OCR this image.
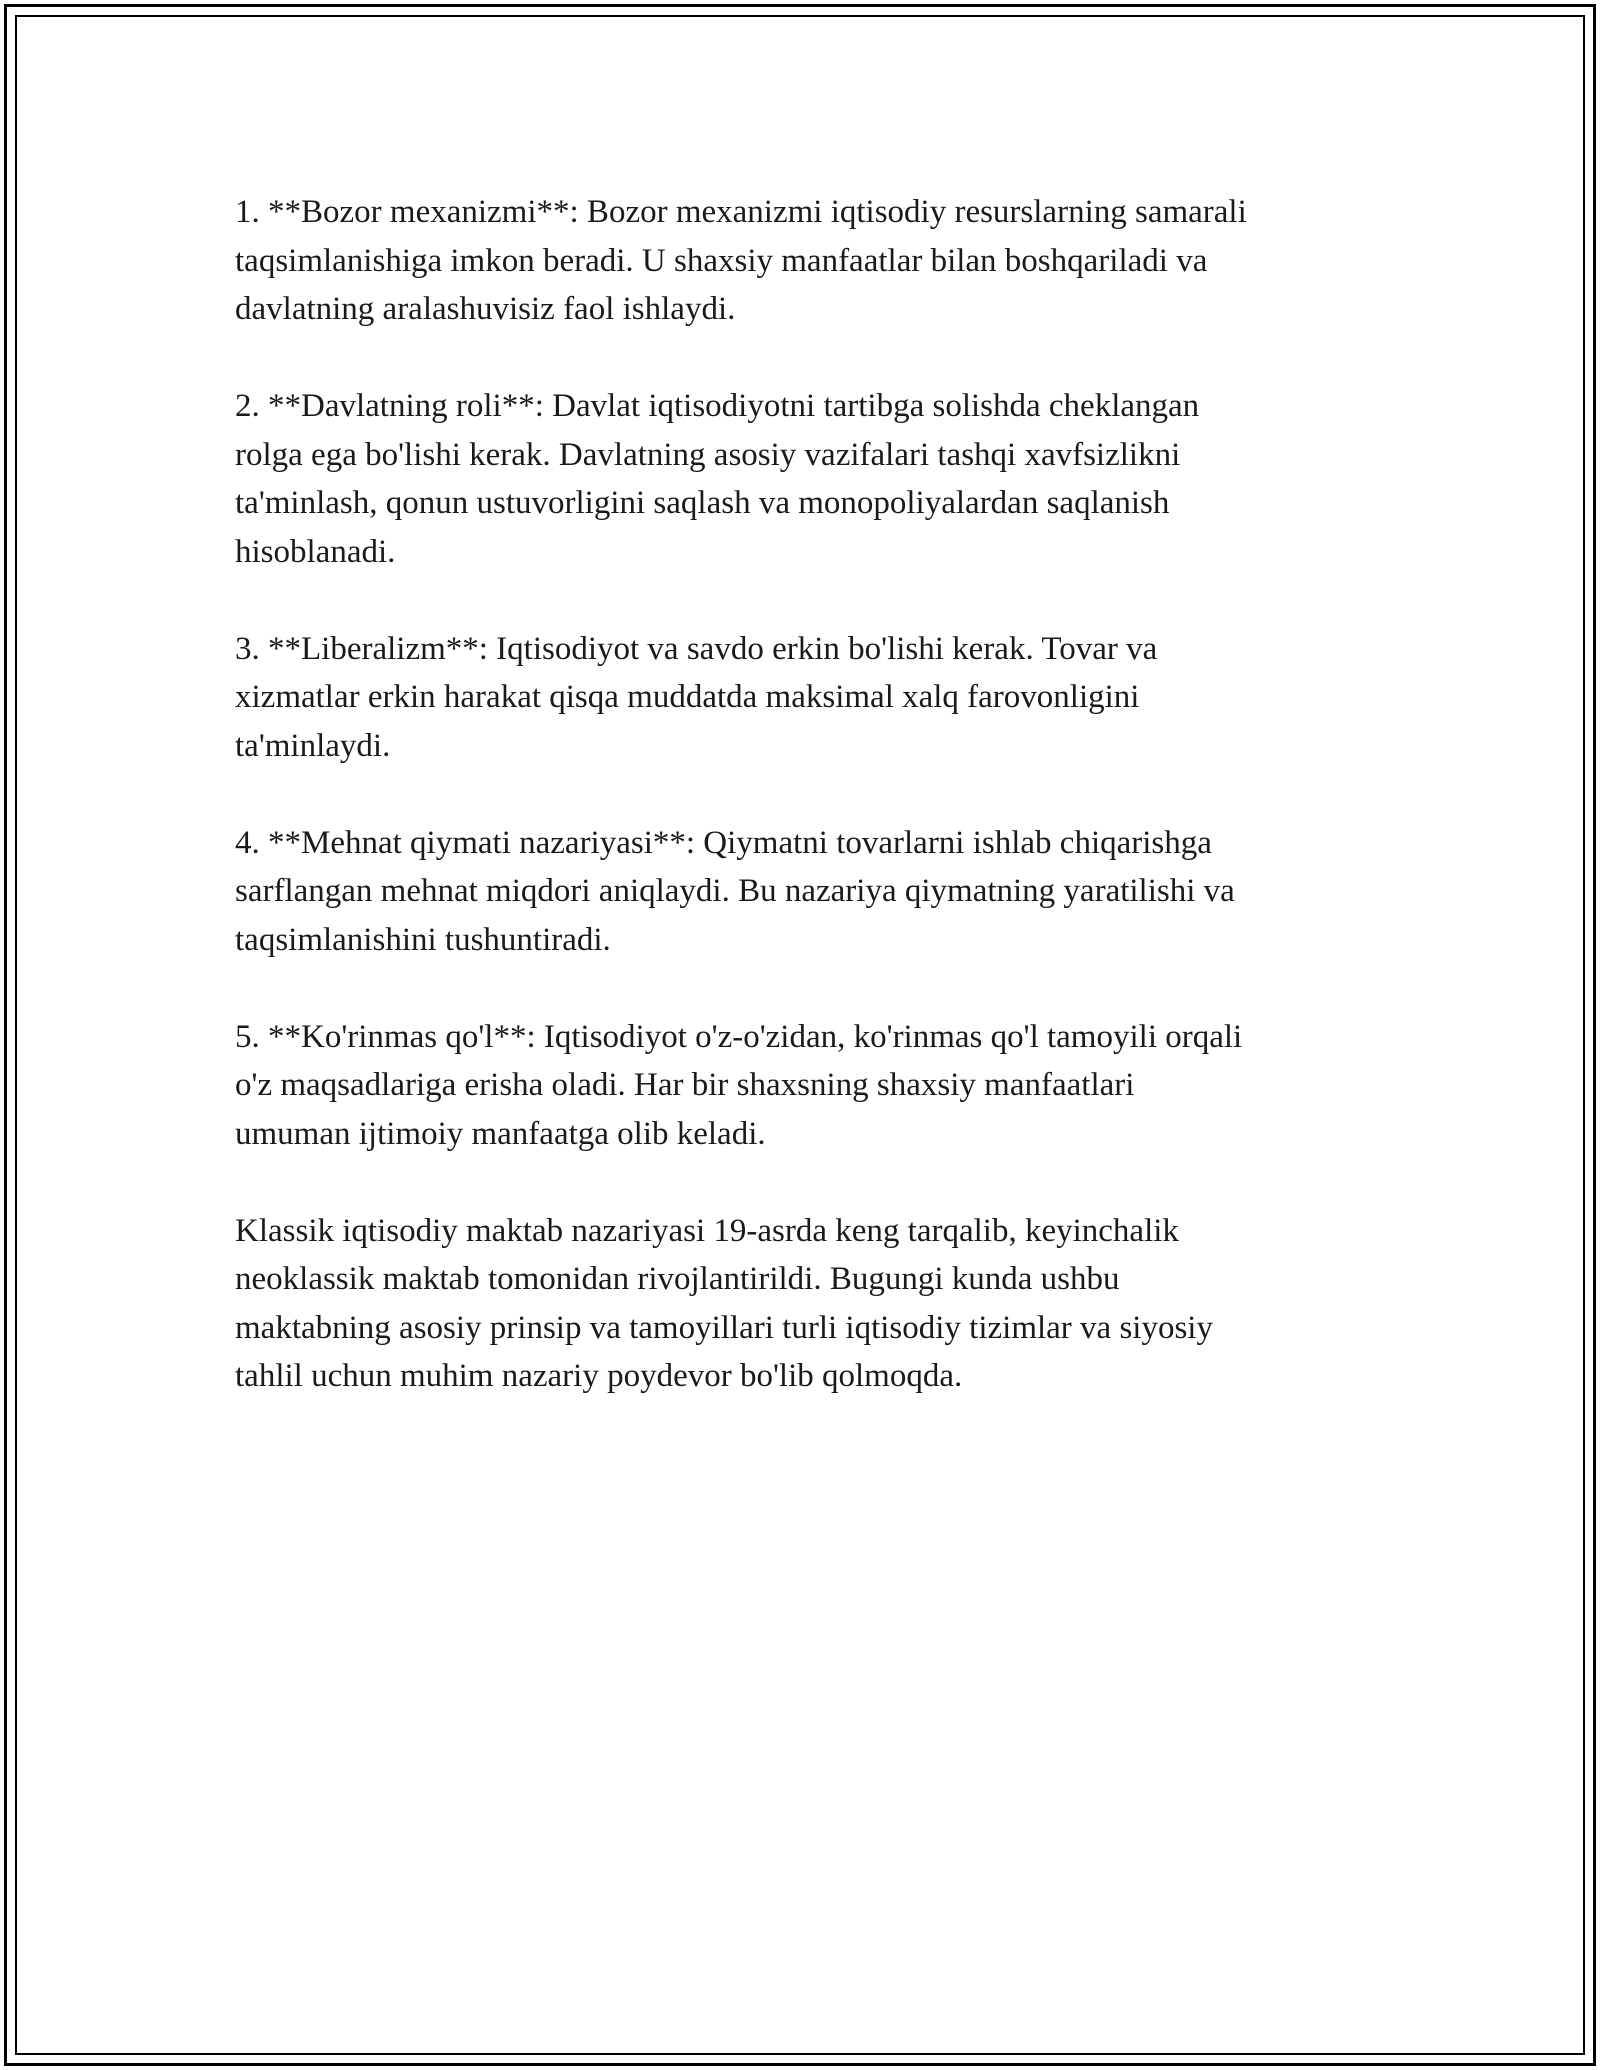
1. **Bozor mexanizmi**: Bozor mexanizmi iqtisodiy resurslarning samarali
taqsimlanishiga imkon beradi. U shaxsiy manfaatlar bilan boshqariladi va
davlatning aralashuvisiz faol ishlaydi.

2. **Davlatning roli**: Davlat iqtisodiyotni tartibga solishda cheklangan
rolga ega bo'lishi kerak. Davlatning asosiy vazifalari tashqi xavfsizlikni
ta'minlash, qonun ustuvorligini saqlash va monopoliyalardan saqlanish
hisoblanadi.

3. **Liberalizm**: Iqtisodiyot va savdo erkin bo'lishi kerak. Tovar va
xizmatlar erkin harakat qisqa muddatda maksimal xalq farovonligini
ta'minlaydi.

4. **Mehnat qiymati nazariyasi**: Qiymatni tovarlarni ishlab chiqarishga
sarflangan mehnat miqdori aniqlaydi. Bu nazariya qiymatning yaratilishi va
taqsimlanishini tushuntiradi.

5. **Ko'rinmas qo'l**: Iqtisodiyot o'z-o'zidan, ko'rinmas qo'l tamoyili orqali
o'z maqsadlariga erisha oladi. Har bir shaxsning shaxsiy manfaatlari
umuman ijtimoiy manfaatga olib keladi.

Klassik iqtisodiy maktab nazariyasi 19-asrda keng tarqalib, keyinchalik
neoklassik maktab tomonidan rivojlantirildi. Bugungi kunda ushbu
maktabning asosiy prinsip va tamoyillari turli iqtisodiy tizimlar va siyosiy
tahlil uchun muhim nazariy poydevor bo'lib qolmoqda.
